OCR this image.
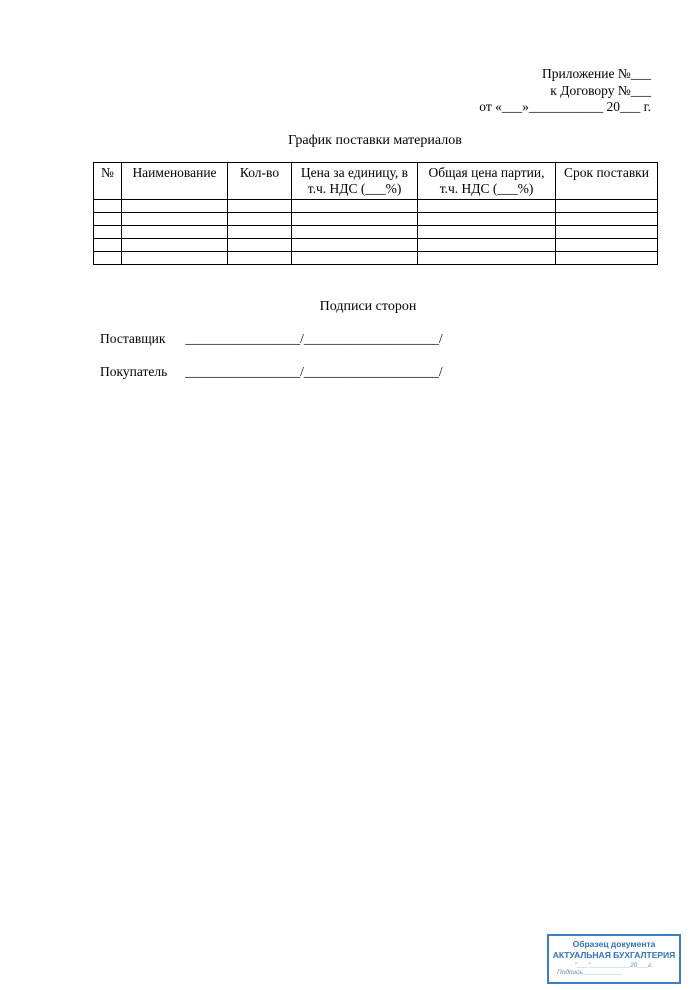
Приложение №___
к Договору №___
от «___»___________ 20___ г.
График поставки материалов
№	Наименование	Кол-во	Цена за единицу, в т.ч. НДС (___%)	Общая цена партии, т.ч. НДС (___%)	Срок поставки

Подписи сторон
Поставщик _________________/____________________/
Покупатель _________________/____________________/
Образец документа
АКТУАЛЬНАЯ БУХГАЛТЕРИЯ
"___"___________20___г.
Подпись___________
